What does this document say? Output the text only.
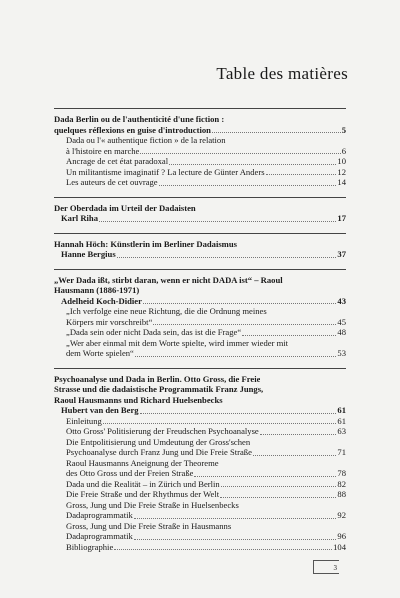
Table des matières
Dada Berlin ou de l'authenticité d'une fiction :
quelques réflexions en guise d'introduction	5
Dada ou l'« authentique fiction » de la relation
à l'histoire en marche	6
Ancrage de cet état paradoxal	10
Un militantisme imaginatif ? La lecture de Günter Anders	12
Les auteurs de cet ouvrage	14
Der Oberdada im Urteil der Dadaisten
Karl Riha	17
Hannah Höch: Künstlerin im Berliner Dadaismus
Hanne Bergius	37
„Wer Dada ißt, stirbt daran, wenn er nicht DADA ist“ – Raoul
Hausmann (1886-1971)
Adelheid Koch-Didier	43
„Ich verfolge eine neue Richtung, die die Ordnung meines
Körpers mir vorschreibt“	45
„Dada sein oder nicht Dada sein, das ist die Frage“	48
„Wer aber einmal mit dem Worte spielte, wird immer wieder mit
dem Worte spielen“	53
Psychoanalyse und Dada in Berlin. Otto Gross, die Freie
Strasse und die dadaistische Programmatik Franz Jungs,
Raoul Hausmanns und Richard Huelsenbecks
Hubert van den Berg	61
Einleitung	61
Otto Gross' Politisierung der Freudschen Psychoanalyse	63
Die Entpolitisierung und Umdeutung der Gross'schen
Psychoanalyse durch Franz Jung und Die Freie Straße	71
Raoul Hausmanns Aneignung der Theoreme
des Otto Gross und der Freien Straße	78
Dada und die Realität – in Zürich und Berlin	82
Die Freie Straße und der Rhythmus der Welt	88
Gross, Jung und Die Freie Straße in Huelsenbecks
Dadaprogrammatik	92
Gross, Jung und Die Freie Straße in Hausmanns
Dadaprogrammatik	96
Bibliographie	104
3
